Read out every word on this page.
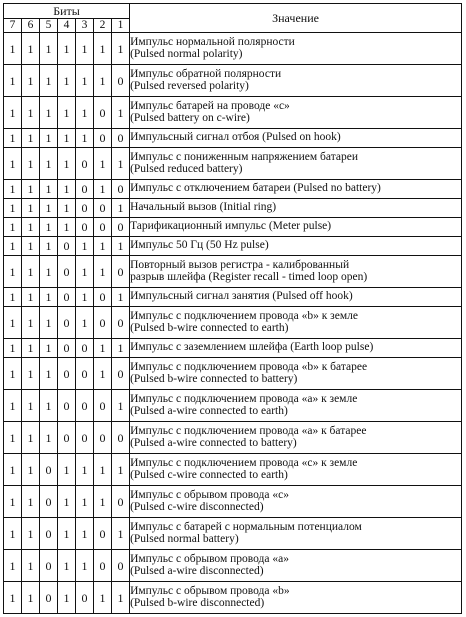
Биты							Значение
7	6	5	4	3	2	1	
1	1	1	1	1	1	1	Импульс нормальной полярности
(Pulsed normal polarity)

1	1	1	1	1	1	0	Импульс обратной полярности
(Pulsed reversed polarity)

1	1	1	1	1	0	1	Импульс батарей на проводе «с»
(Pulsed battery on c-wire)

1	1	1	1	1	0	0	Импульсный сигнал отбоя (Pulsed on hook)

1	1	1	1	0	1	1	Импульс с пониженным напряжением батареи
(Pulsed reduced battery)

1	1	1	1	0	1	0	Импульс с отключением батареи (Pulsed no battery)

1	1	1	1	0	0	1	Начальный вызов (Initial ring)

1	1	1	1	0	0	0	Тарификационный импульс (Meter pulse)

1	1	1	0	1	1	1	Импульс 50 Гц (50 Hz pulse)

1	1	1	0	1	1	0	Повторный вызов регистра - калиброванный
разрыв шлейфа (Register recall - timed loop open)

1	1	1	0	1	0	1	Импульсный сигнал занятия (Pulsed off hook)

1	1	1	0	1	0	0	Импульс с подключением провода «b» к земле
(Pulsed b-wire connected to earth)

1	1	1	0	0	1	1	Импульс с заземлением шлейфа (Earth loop pulse)

1	1	1	0	0	1	0	Импульс с подключением провода «b» к батарее
(Pulsed b-wire connected to battery)

1	1	1	0	0	0	1	Импульс с подключением провода «a» к земле
(Pulsed a-wire connected to earth)

1	1	1	0	0	0	0	Импульс с подключением провода «a» к батарее
(Pulsed a-wire connected to battery)

1	1	0	1	1	1	1	Импульс с подключением провода «c» к земле
(Pulsed c-wire connected to earth)

1	1	0	1	1	1	0	Импульс с обрывом провода «с»
(Pulsed c-wire disconnected)

1	1	0	1	1	0	1	Импульс с батарей с нормальным потенциалом
(Pulsed normal battery)

1	1	0	1	1	0	0	Импульс с обрывом провода «а»
(Pulsed a-wire disconnected)

1	1	0	1	0	1	1	Импульс с обрывом провода «b»
(Pulsed b-wire disconnected)
